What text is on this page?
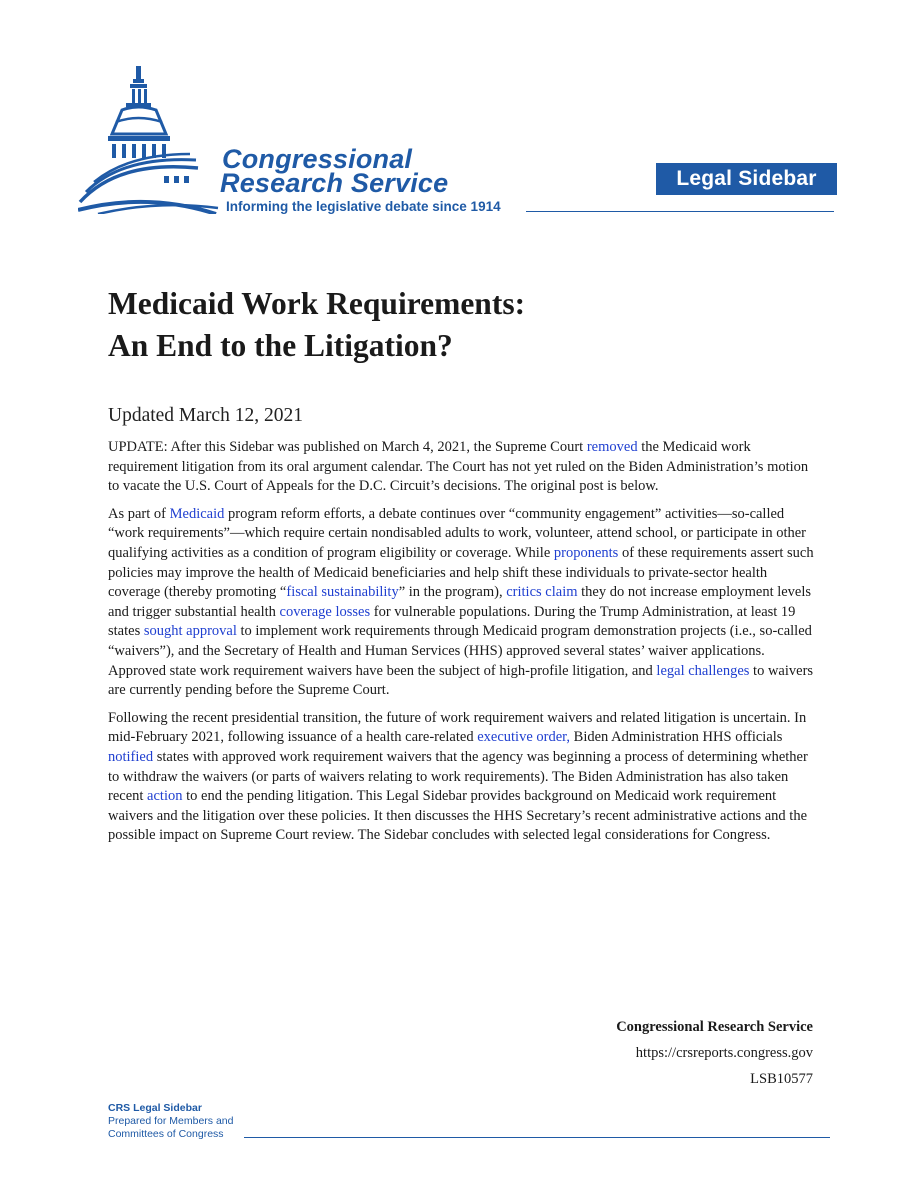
Congressional
Research Service
Informing the legislative debate since 1914
Legal Sidebar
Medicaid Work Requirements:
An End to the Litigation?
Updated March 12, 2021

UPDATE: After this Sidebar was published on March 4, 2021, the Supreme Court removed the Medicaid work requirement litigation from its oral argument calendar. The Court has not yet ruled on the Biden Administration’s motion to vacate the U.S. Court of Appeals for the D.C. Circuit’s decisions. The original post is below.

As part of Medicaid program reform efforts, a debate continues over “community engagement” activities—so-called “work requirements”—which require certain nondisabled adults to work, volunteer, attend school, or participate in other qualifying activities as a condition of program eligibility or coverage. While proponents of these requirements assert such policies may improve the health of Medicaid beneficiaries and help shift these individuals to private-sector health coverage (thereby promoting “fiscal sustainability” in the program), critics claim they do not increase employment levels and trigger substantial health coverage losses for vulnerable populations. During the Trump Administration, at least 19 states sought approval to implement work requirements through Medicaid program demonstration projects (i.e., so-called “waivers”), and the Secretary of Health and Human Services (HHS) approved several states’ waiver applications. Approved state work requirement waivers have been the subject of high-profile litigation, and legal challenges to waivers are currently pending before the Supreme Court.

Following the recent presidential transition, the future of work requirement waivers and related litigation is uncertain. In mid-February 2021, following issuance of a health care-related executive order, Biden Administration HHS officials notified states with approved work requirement waivers that the agency was beginning a process of determining whether to withdraw the waivers (or parts of waivers relating to work requirements). The Biden Administration has also taken recent action to end the pending litigation. This Legal Sidebar provides background on Medicaid work requirement waivers and the litigation over these policies. It then discusses the HHS Secretary’s recent administrative actions and the possible impact on Supreme Court review. The Sidebar concludes with selected legal considerations for Congress.

Congressional Research Service
https://crsreports.congress.gov
LSB10577
CRS Legal Sidebar
Prepared for Members and
Committees of Congress
